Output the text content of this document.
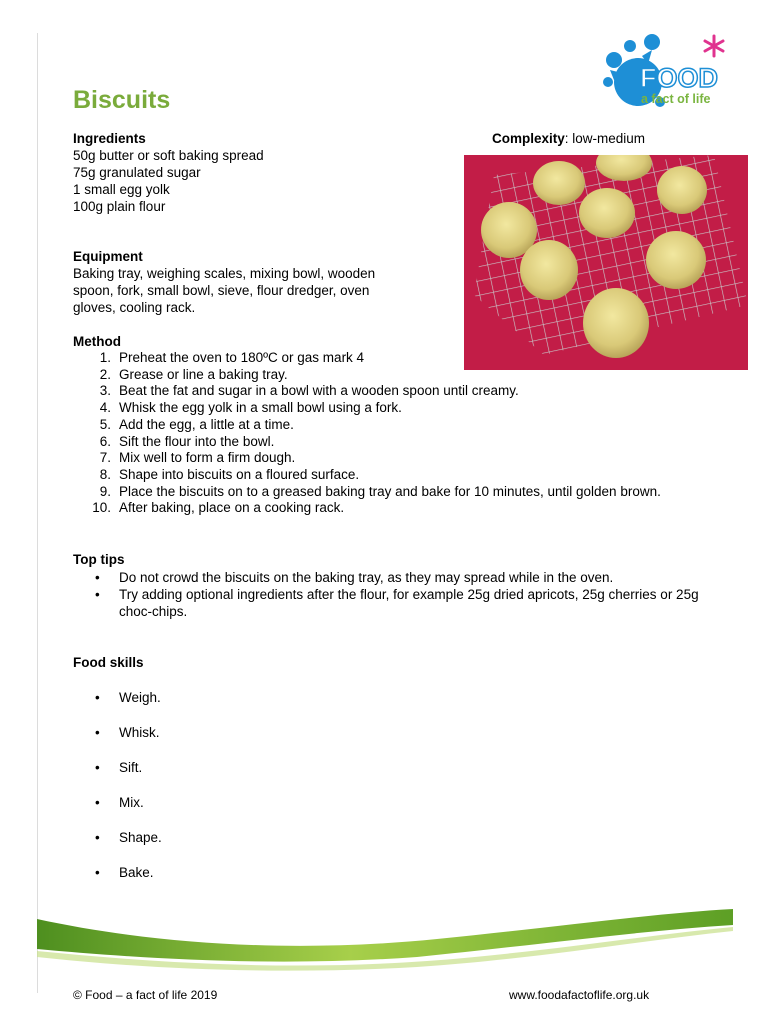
Biscuits
FOOD
a fact of life
Complexity: low-medium
Ingredients
50g butter or soft baking spread
75g granulated sugar
1 small egg yolk
100g plain flour
Equipment
Baking tray, weighing scales, mixing bowl, wooden
spoon, fork, small bowl, sieve, flour dredger, oven
gloves, cooling rack.
Method
1. Preheat the oven to 180ºC or gas mark 4
2. Grease or line a baking tray.
3. Beat the fat and sugar in a bowl with a wooden spoon until creamy.
4. Whisk the egg yolk in a small bowl using a fork.
5. Add the egg, a little at a time.
6. Sift the flour into the bowl.
7. Mix well to form a firm dough.
8. Shape into biscuits on a floured surface.
9. Place the biscuits on to a greased baking tray and bake for 10 minutes, until golden brown.
10. After baking, place on a cooking rack.
Top tips
• Do not crowd the biscuits on the baking tray, as they may spread while in the oven.
• Try adding optional ingredients after the flour, for example 25g dried apricots, 25g cherries or 25g choc-chips.
Food skills
• Weigh.
• Whisk.
• Sift.
• Mix.
• Shape.
• Bake.
© Food – a fact of life 2019	www.foodafactoflife.org.uk
